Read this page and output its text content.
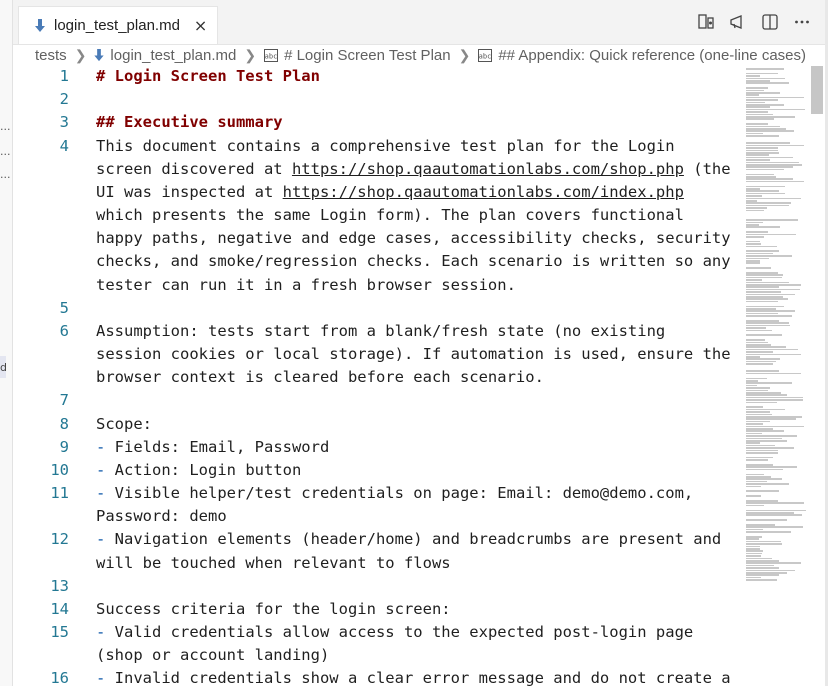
...
...
...
d
login_test_plan.md ×
tests ❯ login_test_plan.md ❯ abc # Login Screen Test Plan ❯ abc ## Appendix: Quick reference (one-line cases)
1 # Login Screen Test Plan
2
3 ## Executive summary
4 This document contains a comprehensive test plan for the Login
screen discovered at https://shop.qaautomationlabs.com/shop.php (the
UI was inspected at https://shop.qaautomationlabs.com/index.php
which presents the same Login form). The plan covers functional
happy paths, negative and edge cases, accessibility checks, security
checks, and smoke/regression checks. Each scenario is written so any
tester can run it in a fresh browser session.
5
6 Assumption: tests start from a blank/fresh state (no existing
session cookies or local storage). If automation is used, ensure the
browser context is cleared before each scenario.
7
8 Scope:
9 - Fields: Email, Password
10 - Action: Login button
11 - Visible helper/test credentials on page: Email: demo@demo.com,
Password: demo
12 - Navigation elements (header/home) and breadcrumbs are present and
will be touched when relevant to flows
13
14 Success criteria for the login screen:
15 - Valid credentials allow access to the expected post-login page
(shop or account landing)
16 - Invalid credentials show a clear error message and do not create a
